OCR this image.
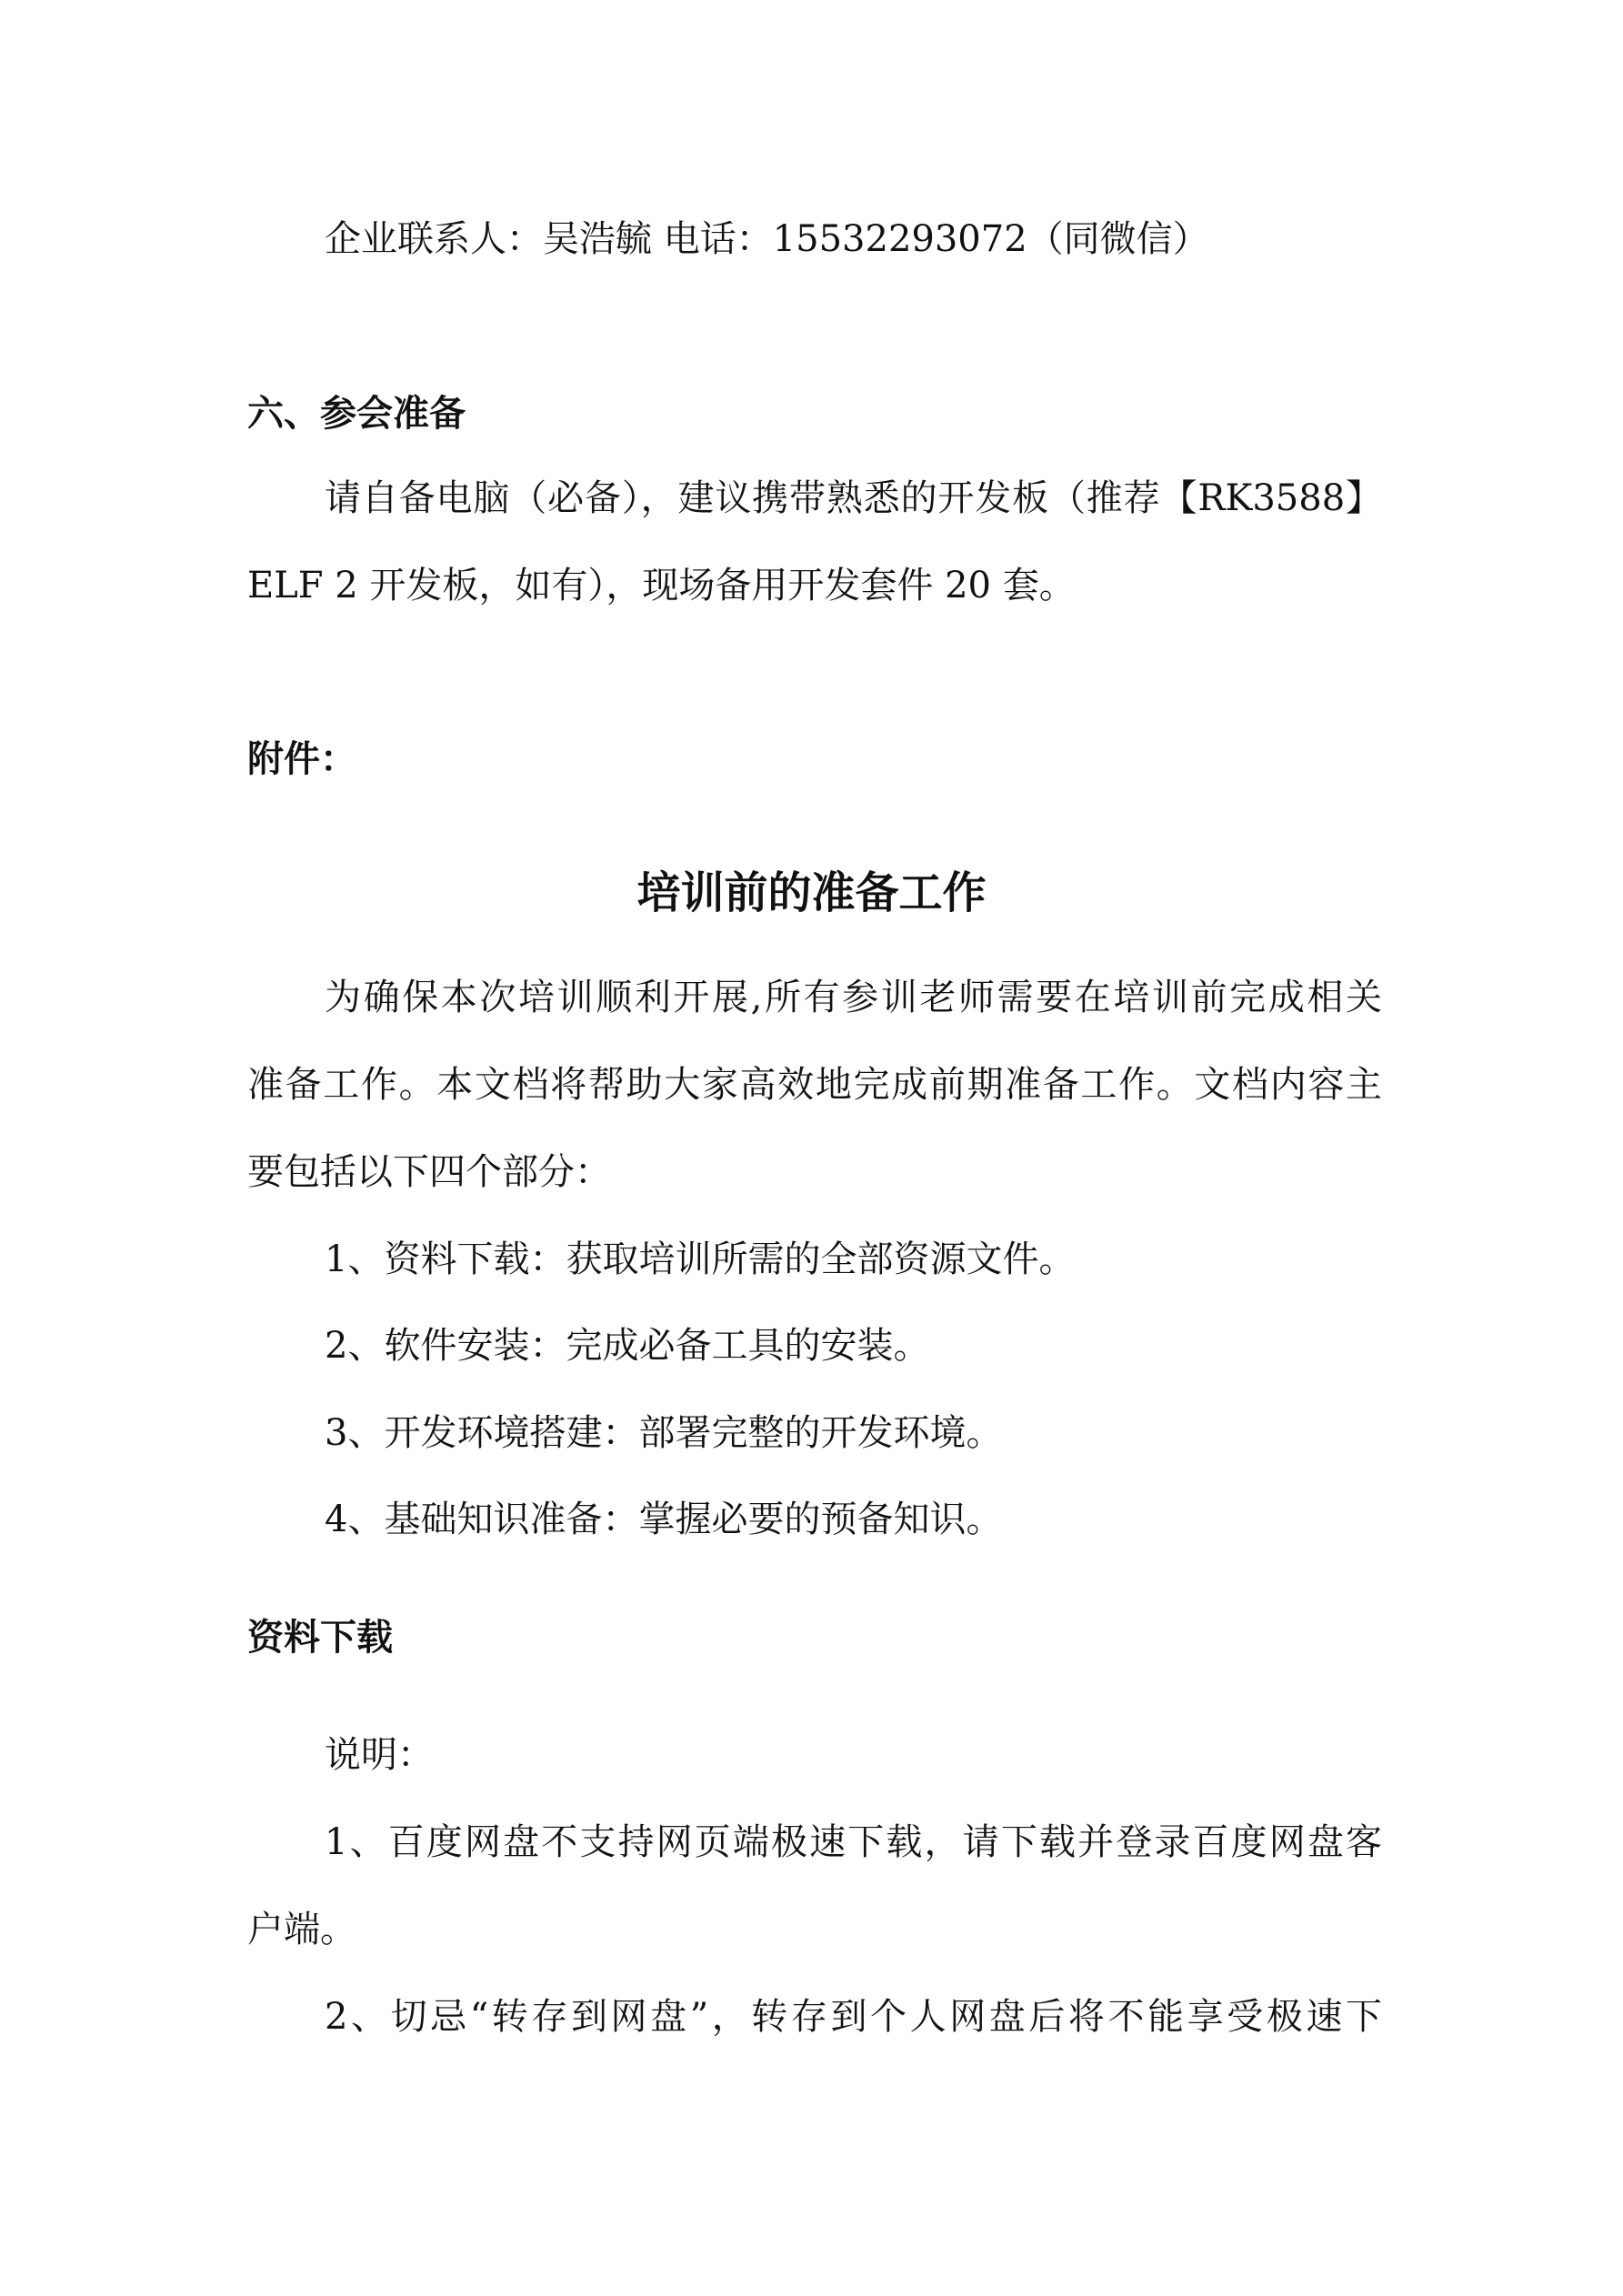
企业联系人：吴浩毓 电话：15532293072（同微信）
六、参会准备
请自备电脑（必备），建议携带熟悉的开发板（推荐【RK3588】
ELF 2 开发板，如有），现场备用开发套件 20 套。
附件：
培训前的准备工作
为确保本次培训顺利开展,所有参训老师需要在培训前完成相关
准备工作。本文档将帮助大家高效地完成前期准备工作。文档内容主
要包括以下四个部分：
1、资料下载：获取培训所需的全部资源文件。
2、软件安装：完成必备工具的安装。
3、开发环境搭建：部署完整的开发环境。
4、基础知识准备：掌握必要的预备知识。
资料下载
说明：
1、百度网盘不支持网页端极速下载，请下载并登录百度网盘客
户端。
2、切忌“转存到网盘”，转存到个人网盘后将不能享受极速下
